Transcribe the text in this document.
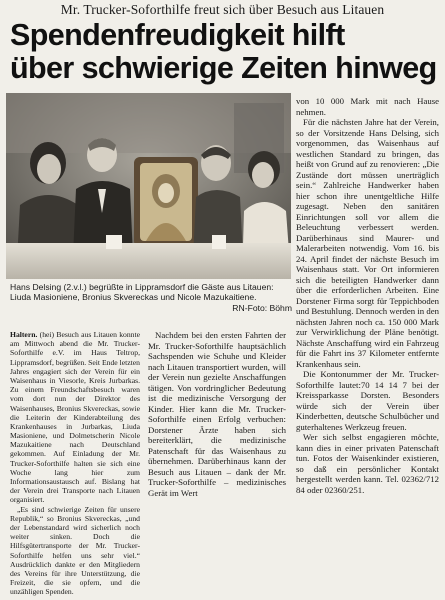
Mr. Trucker-Soforthilfe freut sich über Besuch aus Litauen
Spendenfreudigkeit hilft
über schwierige Zeiten hinweg
Hans Delsing (2.v.l.) begrüßte in Lippramsdorf die Gäste aus Litauen: Liuda Masioniene, Bronius Skvereckas und Nicole Mazukaitiene.
RN-Foto: Böhm

Haltern. (hei) Besuch aus Litauen konnte am Mittwoch abend die Mr. Trucker-Soforthilfe e.V. im Haus Teltrop, Lippramsdorf, begrüßen. Seit Ende letzten Jahres engagiert sich der Verein für ein Waisenhaus in Viesorle, Kreis Jurbarkas. Zu einem Freundschaftsbesuch waren vom dort nun der Direktor des Waisenhauses, Bronius Skvereckas, sowie die Leiterin der Kinderabteilung des Krankenhauses in Jurbarkas, Liuda Masioniene, und Dolmetscherin Nicole Mazukaitiene nach Deutschland gekommen. Auf Einladung der Mr. Trucker-Soforthilfe halten sie sich eine Woche lang hier zum Informationsaustausch auf. Bislang hat der Verein drei Transporte nach Litauen organisiert.

„Es sind schwierige Zeiten für unsere Republik,“ so Bronius Skvereckas, „und der Lebenstandard wird sicherlich noch weiter sinken. Doch die Hilfsgütertransporte der Mr. Trucker-Soforthilfe helfen uns sehr viel.“ Ausdrücklich dankte er den Mitgliedern des Vereins für ihre Unterstützung, die Freizeit, die sie opfern, und die unzähligen Spenden.

Nachdem bei den ersten Fahrten der Mr. Trucker-Soforthilfe hauptsächlich Sachspenden wie Schuhe und Kleider nach Litauen transportiert wurden, will der Verein nun gezielte Anschaffungen tätigen. Von vordringlicher Bedeutung ist die medizinische Versorgung der Kinder. Hier kann die Mr. Trucker-Soforthilfe einen Erfolg verbuchen: Dorstener Ärzte haben sich bereiterklärt, die medizinische Patenschaft für das Waisenhaus zu übernehmen. Darüberhinaus kann der Besuch aus Litauen – dank der Mr. Trucker-Soforthilfe – medizinisches Gerät im Wert

von 10 000 Mark mit nach Hause nehmen.

Für die nächsten Jahre hat der Verein, so der Vorsitzende Hans Delsing, sich vorgenommen, das Waisenhaus auf westlichen Standard zu bringen, das heißt von Grund auf zu renovieren: „Die Zustände dort müssen unerträglich sein.“ Zahlreiche Handwerker haben hier schon ihre unentgeltliche Hilfe zugesagt. Neben den sanitären Einrichtungen soll vor allem die Beleuchtung verbessert werden. Darüberhinaus sind Maurer- und Malerarbeiten notwendig. Vom 16. bis 24. April findet der nächste Besuch im Waisenhaus statt. Vor Ort informieren sich die beteiligten Handwerker dann über die erforderlichen Arbeiten. Eine Dorstener Firma sorgt für Teppichboden und Bestuhlung. Dennoch werden in den nächsten Jahren noch ca. 150 000 Mark zur Verwirklichung der Pläne benötigt. Nächste Anschaffung wird ein Fahrzeug für die Fahrt ins 37 Kilometer entfernte Krankenhaus sein.

Die Kontonummer der Mr. Trucker-Soforthilfe lautet:70 14 14 7 bei der Kreissparkasse Dorsten. Besonders würde sich der Verein über Kinderbetten, deutsche Schulbücher und guterhaltenes Werkzeug freuen.

Wer sich selbst engagieren möchte, kann dies in einer privaten Patenschaft tun. Fotos der Waisenkinder existieren, so daß ein persönlicher Kontakt hergestellt werden kann. Tel. 02362/712 84 oder 02360/251.
